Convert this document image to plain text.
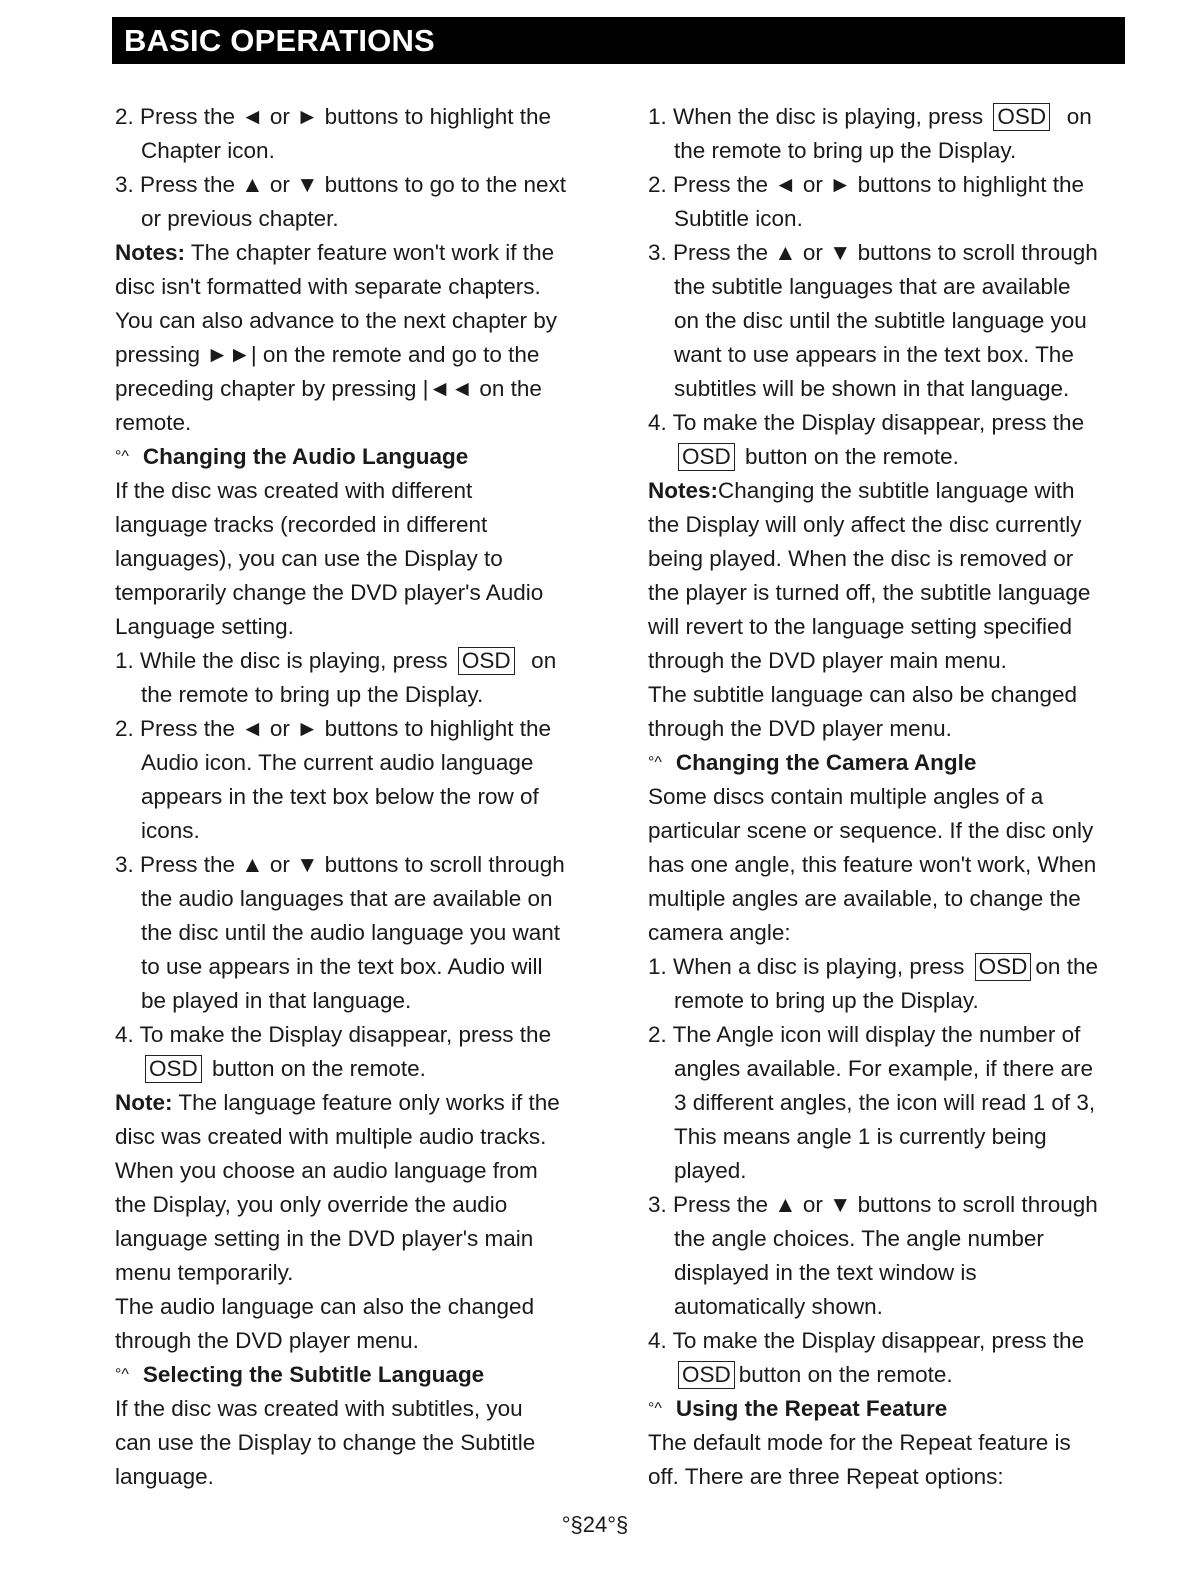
BASIC OPERATIONS
2. Press the ◄ or ► buttons to highlight the
Chapter icon.
3. Press the ▲ or ▼ buttons to go to the next
or previous chapter.
Notes: The chapter feature won't work if the
disc isn't formatted with separate chapters.
You can also advance to the next chapter by
pressing ►►| on the remote and go to the
preceding chapter by pressing |◄◄ on the
remote.
°^ Changing the Audio Language
If the disc was created with different
language tracks (recorded in different
languages), you can use the Display to
temporarily change the DVD player's Audio
Language setting.
1. While the disc is playing, press OSD  on
the remote to bring up the Display.
2. Press the ◄ or ► buttons to highlight the
Audio icon. The current audio language
appears in the text box below the row of
icons.
3. Press the ▲ or ▼ buttons to scroll through
the audio languages that are available on
the disc until the audio language you want
to use appears in the text box. Audio will
be played in that language.
4. To make the Display disappear, press the
OSD button on the remote.
Note: The language feature only works if the
disc was created with multiple audio tracks.
When you choose an audio language from
the Display, you only override the audio
language setting in the DVD player's main
menu temporarily.
The audio language can also the changed
through the DVD player menu.
°^ Selecting the Subtitle Language
If the disc was created with subtitles, you
can use the Display to change the Subtitle
language.
1. When the disc is playing, press OSD  on
the remote to bring up the Display.
2. Press the ◄ or ► buttons to highlight the
Subtitle icon.
3. Press the ▲ or ▼ buttons to scroll through
the subtitle languages that are available
on the disc until the subtitle language you
want to use appears in the text box. The
subtitles will be shown in that language.
4. To make the Display disappear, press the
OSD button on the remote.
Notes:Changing the subtitle language with
the Display will only affect the disc currently
being played. When the disc is removed or
the player is turned off, the subtitle language
will revert to the language setting specified
through the DVD player main menu.
The subtitle language can also be changed
through the DVD player menu.
°^ Changing the Camera Angle
Some discs contain multiple angles of a
particular scene or sequence. If the disc only
has one angle, this feature won't work, When
multiple angles are available, to change the
camera angle:
1. When a disc is playing, press OSD on the
remote to bring up the Display.
2. The Angle icon will display the number of
angles available. For example, if there are
3 different angles, the icon will read 1 of 3,
This means angle 1 is currently being
played.
3. Press the ▲ or ▼ buttons to scroll through
the angle choices. The angle number
displayed in the text window is
automatically shown.
4. To make the Display disappear, press the
OSD button on the remote.
°^ Using the Repeat Feature
The default mode for the Repeat feature is
off. There are three Repeat options:
°§24°§
